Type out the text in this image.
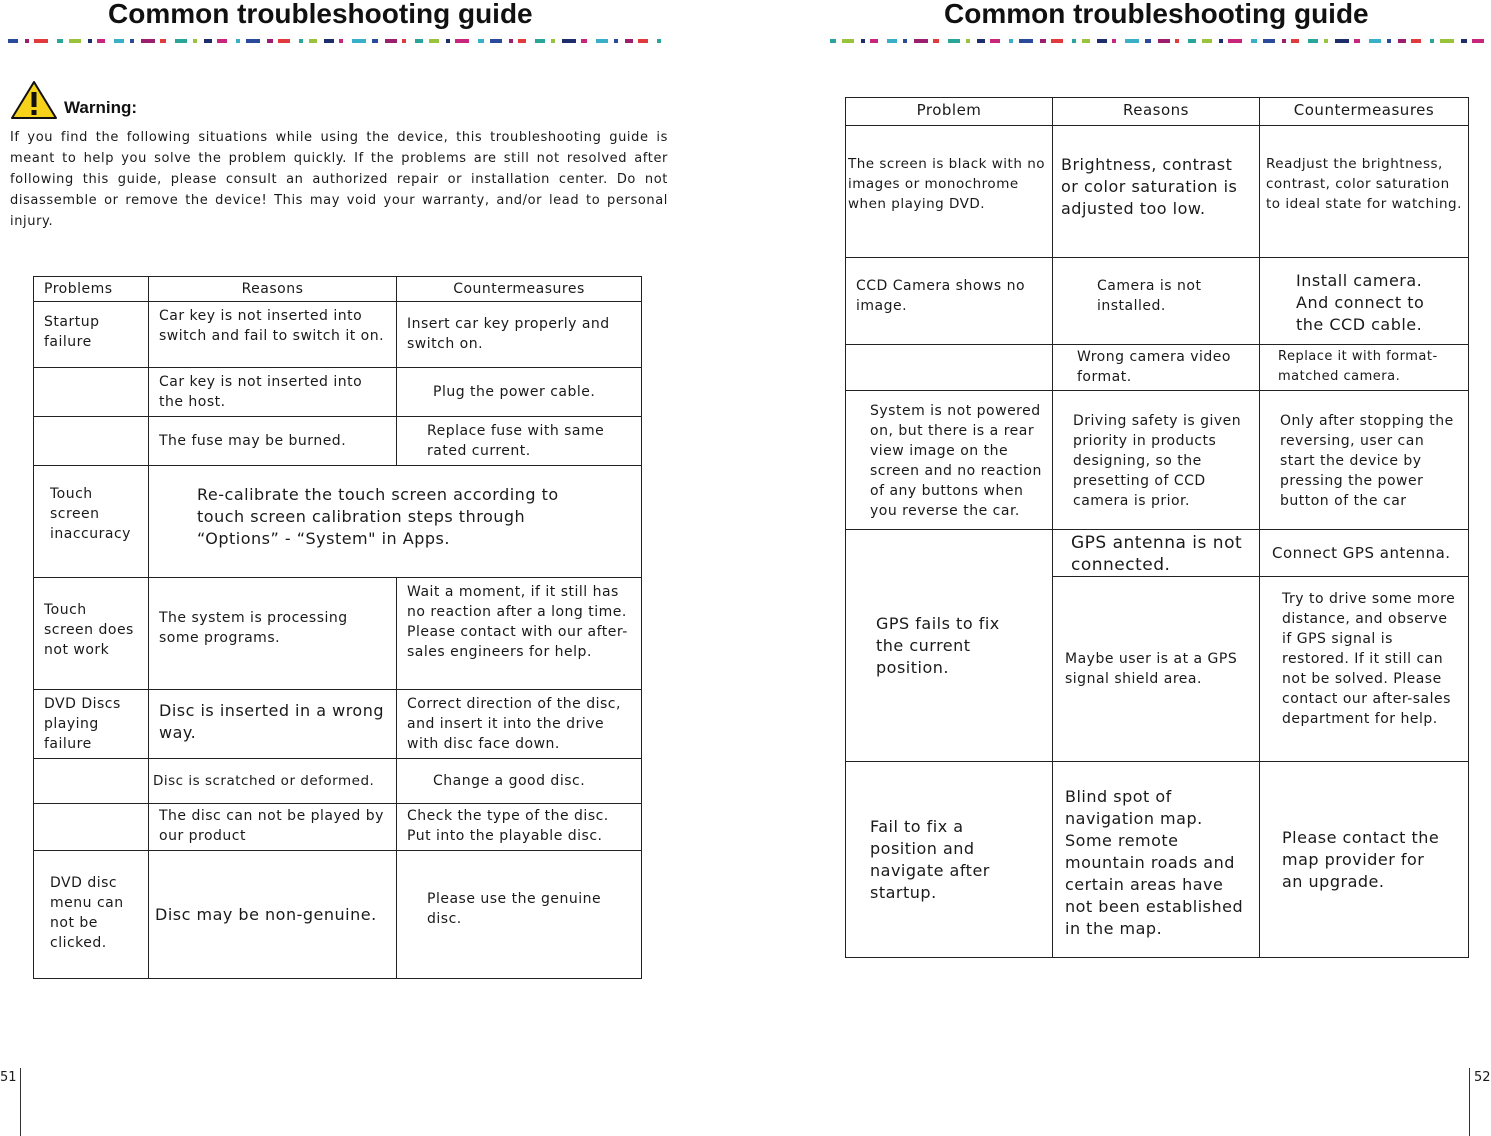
Common troubleshooting guide
Warning:

If you find the following situations while using the device, this troubleshooting guide is meant to help you solve the problem quickly. If the problems are still not resolved after following this guide, please consult an authorized repair or installation center. Do not disassemble or remove the device! This may void your warranty, and/or lead to personal injury.

Problems	Reasons	Countermeasures
Startup failure	Car key is not inserted into switch and fail to switch it on.	Insert car key properly and switch on.
	Car key is not inserted into the host.	Plug the power cable.
	The fuse may be burned.	Replace fuse with same rated current.
Touch screen inaccuracy	Re-calibrate the touch screen according to touch screen calibration steps through “Options” - “System" in Apps.	
Touch screen does not work	The system is processing some programs.	Wait a moment, if it still has no reaction after a long time. Please contact with our after-sales engineers for help.
DVD Discs playing failure	Disc is inserted in a wrong way.	Correct direction of the disc, and insert it into the drive with disc face down.
	Disc is scratched or deformed.	Change a good disc.
	The disc can not be played by our product	Check the type of the disc. Put into the playable disc.
DVD disc menu can not be clicked.	Disc may be non-genuine.	Please use the genuine disc.
51
Common troubleshooting guide
Problem	Reasons	Countermeasures
The screen is black with no images or monochrome when playing DVD.	Brightness, contrast or color saturation is adjusted too low.	Readjust the brightness, contrast, color saturation to ideal state for watching.
CCD Camera shows no image.	Camera is not installed.	Install camera. And connect to the CCD cable.
	Wrong camera video format.	Replace it with format-matched camera.
System is not powered on, but there is a rear view image on the screen and no reaction of any buttons when you reverse the car.	Driving safety is given priority in products designing, so the presetting of CCD camera is prior.	Only after stopping the reversing, user can start the device by pressing the power button of the car
GPS fails to fix the current position.	GPS antenna is not connected.	Connect GPS antenna.
	Maybe user is at a GPS signal shield area.	Try to drive some more distance, and observe if GPS signal is restored. If it still can not be solved. Please contact our after-sales department for help.
Fail to fix a position and navigate after startup.	Blind spot of navigation map. Some remote mountain roads and certain areas have not been established in the map.	Please contact the map provider for an upgrade.
52
